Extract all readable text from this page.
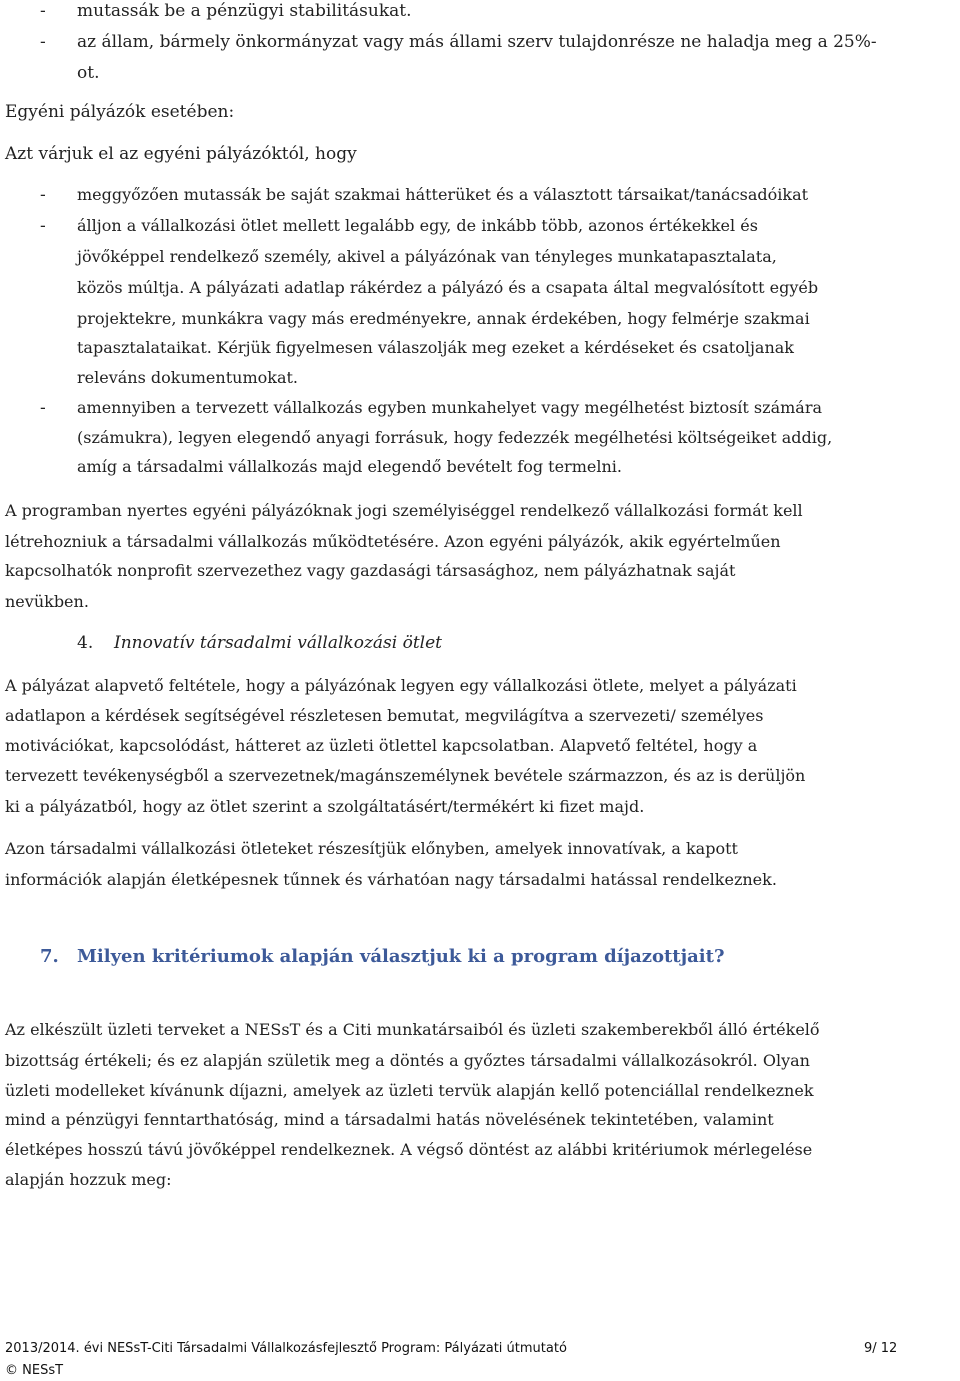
- mutassák be a pénzügyi stabilitásukat.
- az állam, bármely önkormányzat vagy más állami szerv tulajdonrésze ne haladja meg a 25%-
ot.
Egyéni pályázók esetében:
Azt várjuk el az egyéni pályázóktól, hogy
- meggyőzően mutassák be saját szakmai hátterüket és a választott társaikat/tanácsadóikat
- álljon a vállalkozási ötlet mellett legalább egy, de inkább több, azonos értékekkel és
jövőképpel rendelkező személy, akivel a pályázónak van tényleges munkatapasztalata,
közös múltja. A pályázati adatlap rákérdez a pályázó és a csapata által megvalósított egyéb
projektekre, munkákra vagy más eredményekre, annak érdekében, hogy felmérje szakmai
tapasztalataikat. Kérjük figyelmesen válaszolják meg ezeket a kérdéseket és csatoljanak
releváns dokumentumokat.
- amennyiben a tervezett vállalkozás egyben munkahelyet vagy megélhetést biztosít számára
(számukra), legyen elegendő anyagi forrásuk, hogy fedezzék megélhetési költségeiket addig,
amíg a társadalmi vállalkozás majd elegendő bevételt fog termelni.
A programban nyertes egyéni pályázóknak jogi személyiséggel rendelkező vállalkozási formát kell
létrehozniuk a társadalmi vállalkozás működtetésére. Azon egyéni pályázók, akik egyértelműen
kapcsolhatók nonprofit szervezethez vagy gazdasági társasághoz, nem pályázhatnak saját
nevükben.
4. Innovatív társadalmi vállalkozási ötlet
A pályázat alapvető feltétele, hogy a pályázónak legyen egy vállalkozási ötlete, melyet a pályázati
adatlapon a kérdések segítségével részletesen bemutat, megvilágítva a szervezeti/ személyes
motivációkat, kapcsolódást, hátteret az üzleti ötlettel kapcsolatban. Alapvető feltétel, hogy a
tervezett tevékenységből a szervezetnek/magánszemélynek bevétele származzon, és az is derüljön
ki a pályázatból, hogy az ötlet szerint a szolgáltatásért/termékért ki fizet majd.
Azon társadalmi vállalkozási ötleteket részesítjük előnyben, amelyek innovatívak, a kapott
információk alapján életképesnek tűnnek és várhatóan nagy társadalmi hatással rendelkeznek.
7. Milyen kritériumok alapján választjuk ki a program díjazottjait?
Az elkészült üzleti terveket a NESsT és a Citi munkatársaiból és üzleti szakemberekből álló értékelő
bizottság értékeli; és ez alapján születik meg a döntés a győztes társadalmi vállalkozásokról. Olyan
üzleti modelleket kívánunk díjazni, amelyek az üzleti tervük alapján kellő potenciállal rendelkeznek
mind a pénzügyi fenntarthatóság, mind a társadalmi hatás növelésének tekintetében, valamint
életképes hosszú távú jövőképpel rendelkeznek. A végső döntést az alábbi kritériumok mérlegelése
alapján hozzuk meg:
2013/2014. évi NESsT-Citi Társadalmi Vállalkozásfejlesztő Program: Pályázati útmutató	9/ 12
© NESsT
